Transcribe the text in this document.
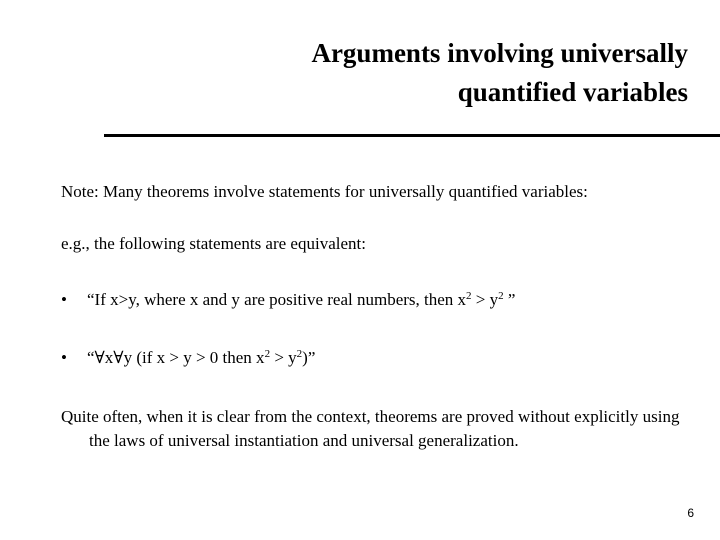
Arguments involving universally
quantified variables
Note: Many theorems involve statements for universally quantified variables:
e.g., the following statements are equivalent:
• “If x>y, where x and y are positive real numbers, then $x^2 > y^2$ ”
• “∀x∀y (if x > y > 0 then $x^2 > y^2$)”
Quite often, when it is clear from the context, theorems are proved without explicitly using the laws of universal instantiation and universal generalization.
6
